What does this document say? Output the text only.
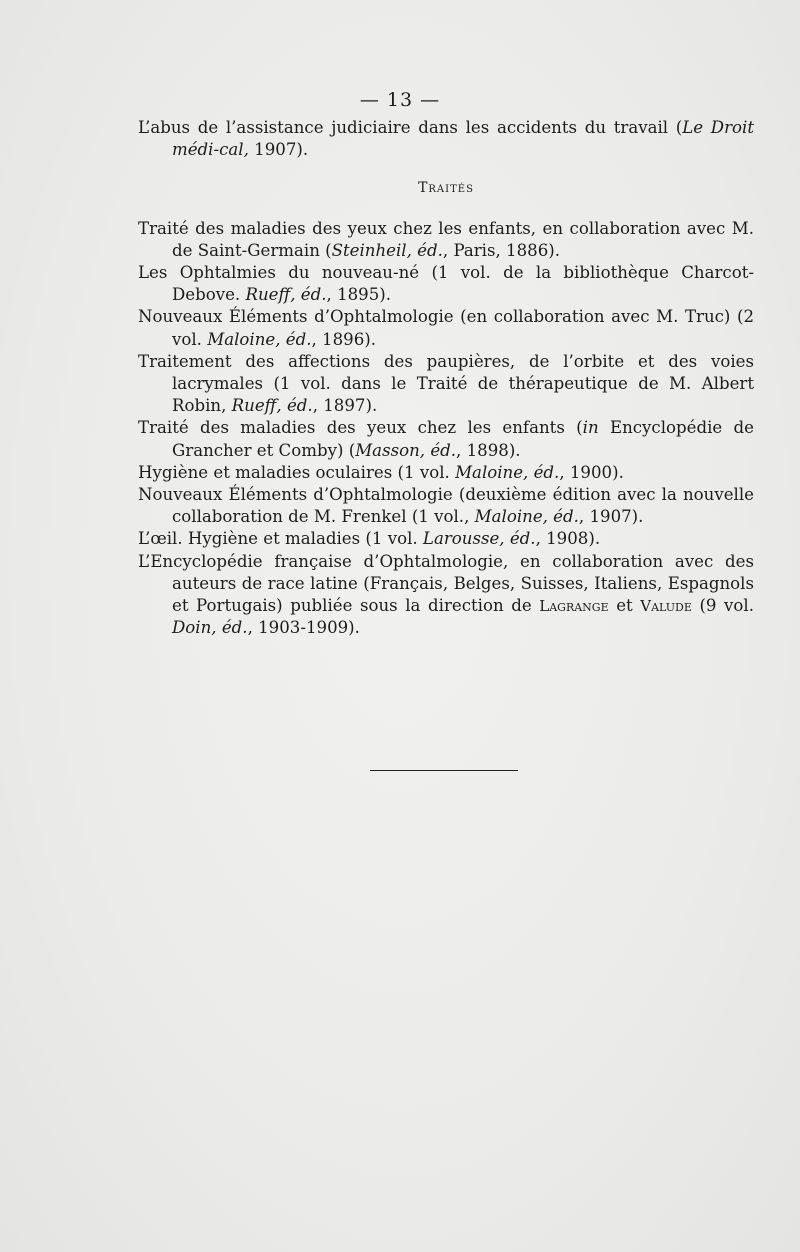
— 13 —

L’abus de l’assistance judiciaire dans les accidents du travail (Le Droit médi-cal, 1907).

Traités
Traité des maladies des yeux chez les enfants, en collaboration avec M. de Saint-Germain (Steinheil, éd., Paris, 1886).
Les Ophtalmies du nouveau-né (1 vol. de la bibliothèque Charcot-Debove. Rueff, éd., 1895).
Nouveaux Éléments d’Ophtalmologie (en collaboration avec M. Truc) (2 vol. Maloine, éd., 1896).
Traitement des affections des paupières, de l’orbite et des voies lacrymales (1 vol. dans le Traité de thérapeutique de M. Albert Robin, Rueff, éd., 1897).
Traité des maladies des yeux chez les enfants (in Encyclopédie de Grancher et Comby) (Masson, éd., 1898).
Hygiène et maladies oculaires (1 vol. Maloine, éd., 1900).
Nouveaux Éléments d’Ophtalmologie (deuxième édition avec la nouvelle collaboration de M. Frenkel (1 vol., Maloine, éd., 1907).
L’œil. Hygiène et maladies (1 vol. Larousse, éd., 1908).
L’Encyclopédie française d’Ophtalmologie, en collaboration avec des auteurs de race latine (Français, Belges, Suisses, Italiens, Espagnols et Portugais) publiée sous la direction de Lagrange et Valude (9 vol. Doin, éd., 1903-1909).
